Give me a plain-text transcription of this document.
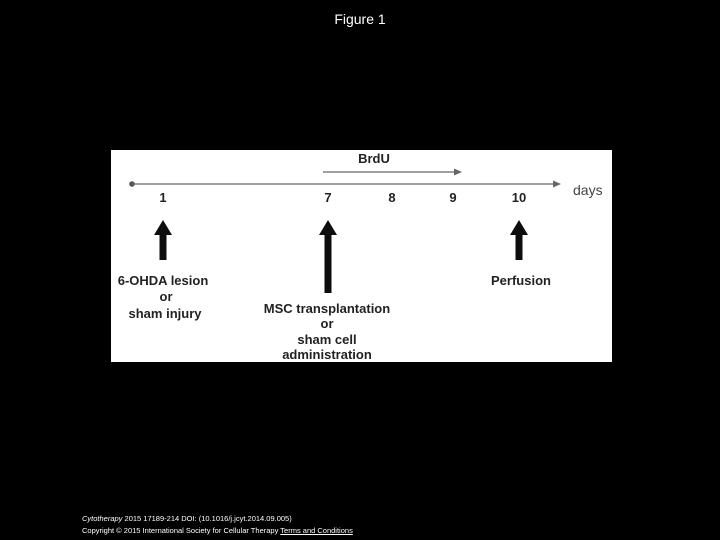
Figure 1
BrdU
days
1	7	8	9	10
6-OHDA lesion
or
sham injury	MSC transplantation
or
sham cell
administration
Perfusion
Cytotherapy 2015 17189-214 DOI: (10.1016/j.jcyt.2014.09.005)
Copyright © 2015 International Society for Cellular Therapy Terms and Conditions
